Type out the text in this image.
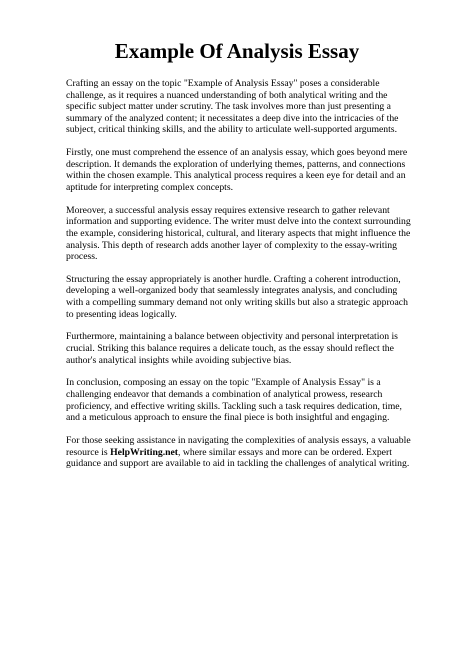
Example Of Analysis Essay

Crafting an essay on the topic "Example of Analysis Essay" poses a considerable challenge, as it requires a nuanced understanding of both analytical writing and the specific subject matter under scrutiny. The task involves more than just presenting a summary of the analyzed content; it necessitates a deep dive into the intricacies of the subject, critical thinking skills, and the ability to articulate well-supported arguments.

Firstly, one must comprehend the essence of an analysis essay, which goes beyond mere description. It demands the exploration of underlying themes, patterns, and connections within the chosen example. This analytical process requires a keen eye for detail and an aptitude for interpreting complex concepts.

Moreover, a successful analysis essay requires extensive research to gather relevant information and supporting evidence. The writer must delve into the context surrounding the example, considering historical, cultural, and literary aspects that might influence the analysis. This depth of research adds another layer of complexity to the essay-writing process.

Structuring the essay appropriately is another hurdle. Crafting a coherent introduction, developing a well-organized body that seamlessly integrates analysis, and concluding with a compelling summary demand not only writing skills but also a strategic approach to presenting ideas logically.

Furthermore, maintaining a balance between objectivity and personal interpretation is crucial. Striking this balance requires a delicate touch, as the essay should reflect the author's analytical insights while avoiding subjective bias.

In conclusion, composing an essay on the topic "Example of Analysis Essay" is a challenging endeavor that demands a combination of analytical prowess, research proficiency, and effective writing skills. Tackling such a task requires dedication, time, and a meticulous approach to ensure the final piece is both insightful and engaging.

For those seeking assistance in navigating the complexities of analysis essays, a valuable resource is HelpWriting.net, where similar essays and more can be ordered. Expert guidance and support are available to aid in tackling the challenges of analytical writing.
